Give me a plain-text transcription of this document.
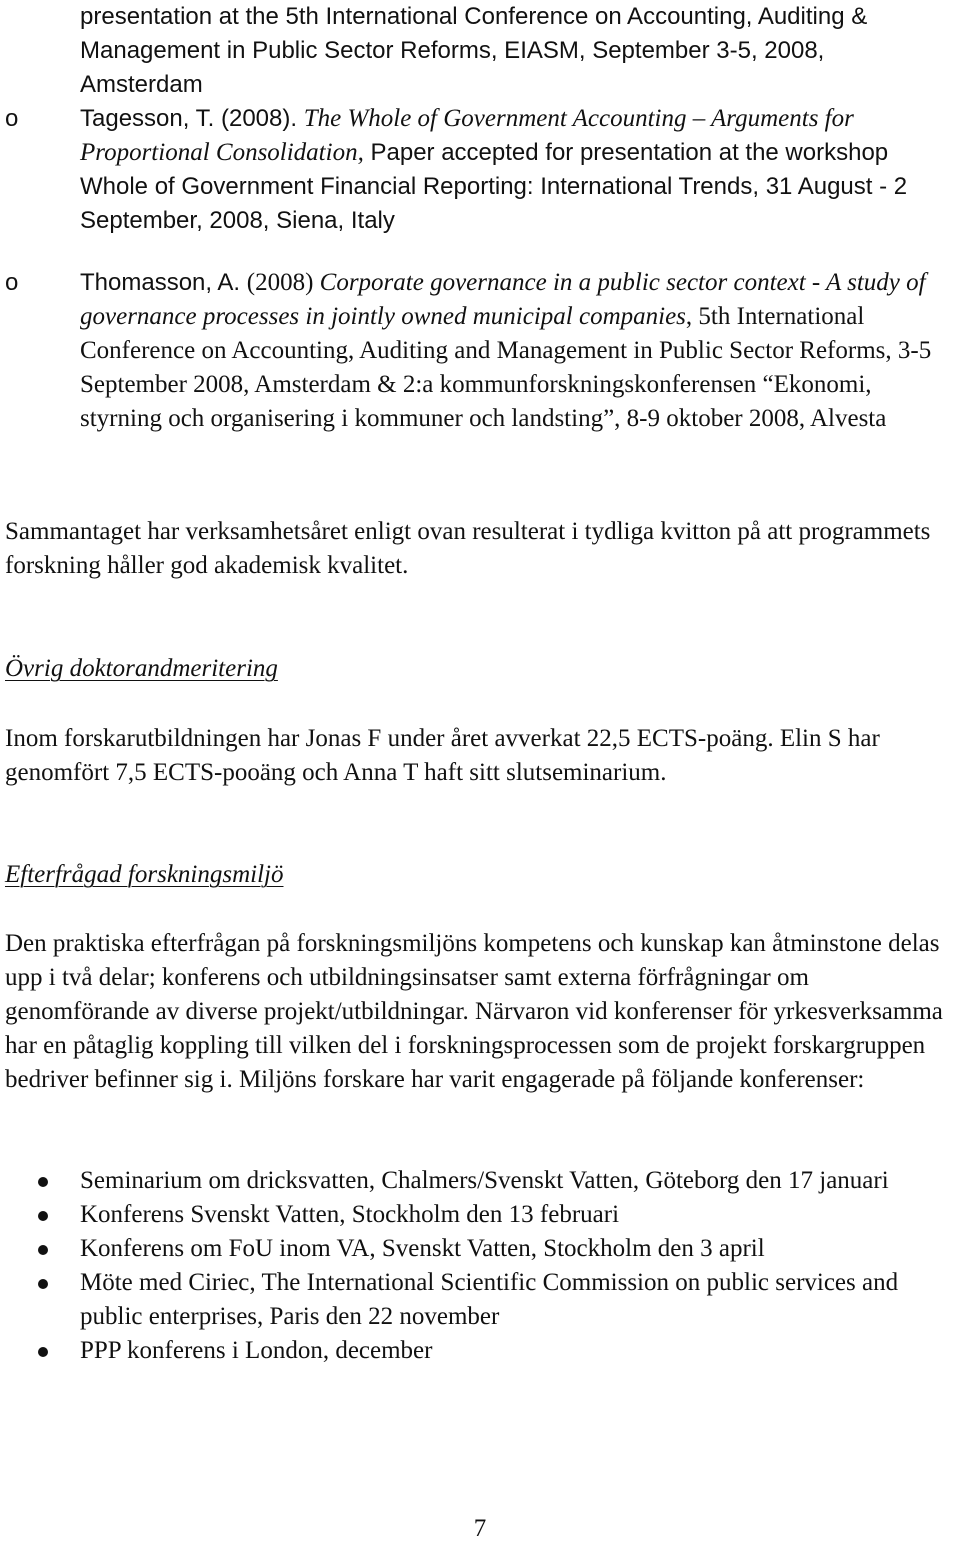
presentation at the 5th International Conference on Accounting, Auditing & Management in Public Sector Reforms, EIASM, September 3-5, 2008, Amsterdam

o	Tagesson, T. (2008). The Whole of Government Accounting – Arguments for Proportional Consolidation, Paper accepted for presentation at the workshop Whole of Government Financial Reporting: International Trends, 31 August - 2 September, 2008, Siena, Italy

o	Thomasson, A. (2008) Corporate governance in a public sector context - A study of governance processes in jointly owned municipal companies, 5th International Conference on Accounting, Auditing and Management in Public Sector Reforms, 3-5 September 2008, Amsterdam & 2:a kommunforskningskonferensen “Ekonomi, styrning och organisering i kommuner och landsting”, 8-9 oktober 2008, Alvesta

Sammantaget har verksamhetsåret enligt ovan resulterat i tydliga kvitton på att programmets forskning håller god akademisk kvalitet.

Övrig doktorandmeritering

Inom forskarutbildningen har Jonas F under året avverkat 22,5 ECTS-poäng. Elin S har genomfört 7,5 ECTS-pooäng och Anna T haft sitt slutseminarium.

Efterfrågad forskningsmiljö

Den praktiska efterfrågan på forskningsmiljöns kompetens och kunskap kan åtminstone delas upp i två delar; konferens och utbildningsinsatser samt externa förfrågningar om genomförande av diverse projekt/utbildningar. Närvaron vid konferenser för yrkesverksamma har en påtaglig koppling till vilken del i forskningsprocessen som de projekt forskargruppen bedriver befinner sig i. Miljöns forskare har varit engagerade på följande konferenser:

Seminarium om dricksvatten, Chalmers/Svenskt Vatten, Göteborg den 17 januari
Konferens Svenskt Vatten, Stockholm den 13 februari
Konferens om FoU inom VA, Svenskt Vatten, Stockholm den 3 april
Möte med Ciriec, The International Scientific Commission on public services and public enterprises, Paris den 22 november
PPP konferens i London, december
7
